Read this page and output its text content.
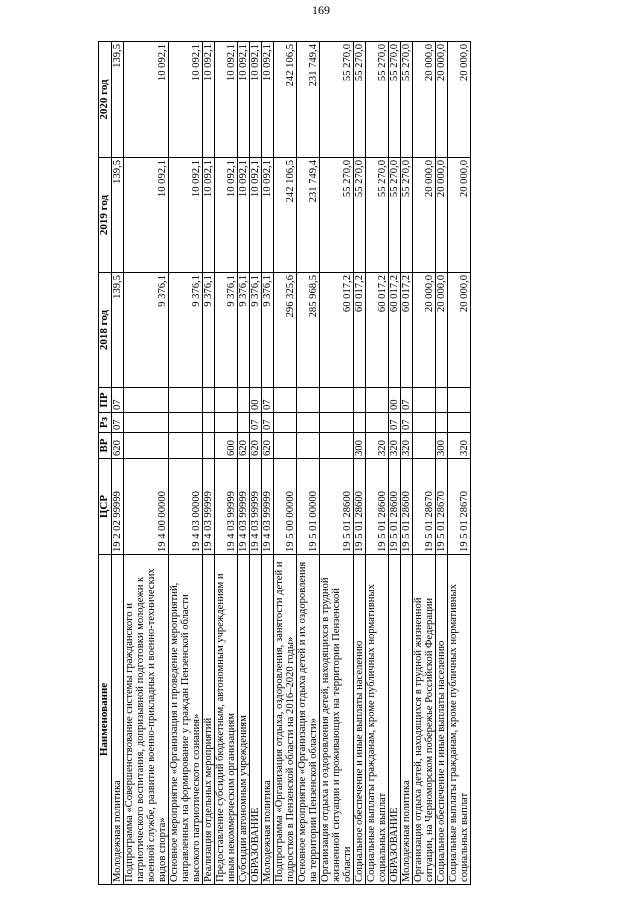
169
Наименование	ЦСР	ВР	Рз	ПР	2018 год	2019 год	2020 год
Молодежная политика	19 2 02 99999	620	07	07	139,5	139,5	139,5
Подпрограмма «Совершенствование системы гражданского и патриотического воспитания, допризывной подготовки молодежи к военной службе, развитие военно-прикладных и военно-технических видов спорта»	19 4 00 00000				9 376,1	10 092,1	10 092,1
Основное мероприятие «Организация и проведение мероприятий, направленных на формирование у граждан Пензенской области высокого патриотического сознания»	19 4 03 00000				9 376,1	10 092,1	10 092,1
Реализация отдельных мероприятий	19 4 03 99999				9 376,1	10 092,1	10 092,1
Предоставление субсидий бюджетным, автономным учреждениям и иным некоммерческим организациям	19 4 03 99999	600			9 376,1	10 092,1	10 092,1
Субсидии автономным учреждениям	19 4 03 99999	620			9 376,1	10 092,1	10 092,1
ОБРАЗОВАНИЕ	19 4 03 99999	620	07	00	9 376,1	10 092,1	10 092,1
Молодежная политика	19 4 03 99999	620	07	07	9 376,1	10 092,1	10 092,1
Подпрограмма «Организация отдыха, оздоровления, занятости детей и подростков в Пензенской области на 2016–2020 годы»	19 5 00 00000				296 325,6	242 106,5	242 106,5
Основное мероприятие «Организация отдыха детей и их оздоровления на территории Пензенской области»	19 5 01 00000				285 968,5	231 749,4	231 749,4
Организация отдыха и оздоровления детей, находящихся в трудной жизненной ситуации и проживающих на территории Пензенской области	19 5 01 28600				60 017,2	55 270,0	55 270,0
Социальное обеспечение и иные выплаты населению	19 5 01 28600	300			60 017,2	55 270,0	55 270,0
Социальные выплаты гражданам, кроме публичных нормативных социальных выплат	19 5 01 28600	320			60 017,2	55 270,0	55 270,0
ОБРАЗОВАНИЕ	19 5 01 28600	320	07	00	60 017,2	55 270,0	55 270,0
Молодежная политика	19 5 01 28600	320	07	07	60 017,2	55 270,0	55 270,0
Организация отдыха детей, находящихся в трудной жизненной ситуации, на Черноморском побережье Российской Федерации	19 5 01 28670				20 000,0	20 000,0	20 000,0
Социальное обеспечение и иные выплаты населению	19 5 01 28670	300			20 000,0	20 000,0	20 000,0
Социальные выплаты гражданам, кроме публичных нормативных социальных выплат	19 5 01 28670	320			20 000,0	20 000,0	20 000,0
